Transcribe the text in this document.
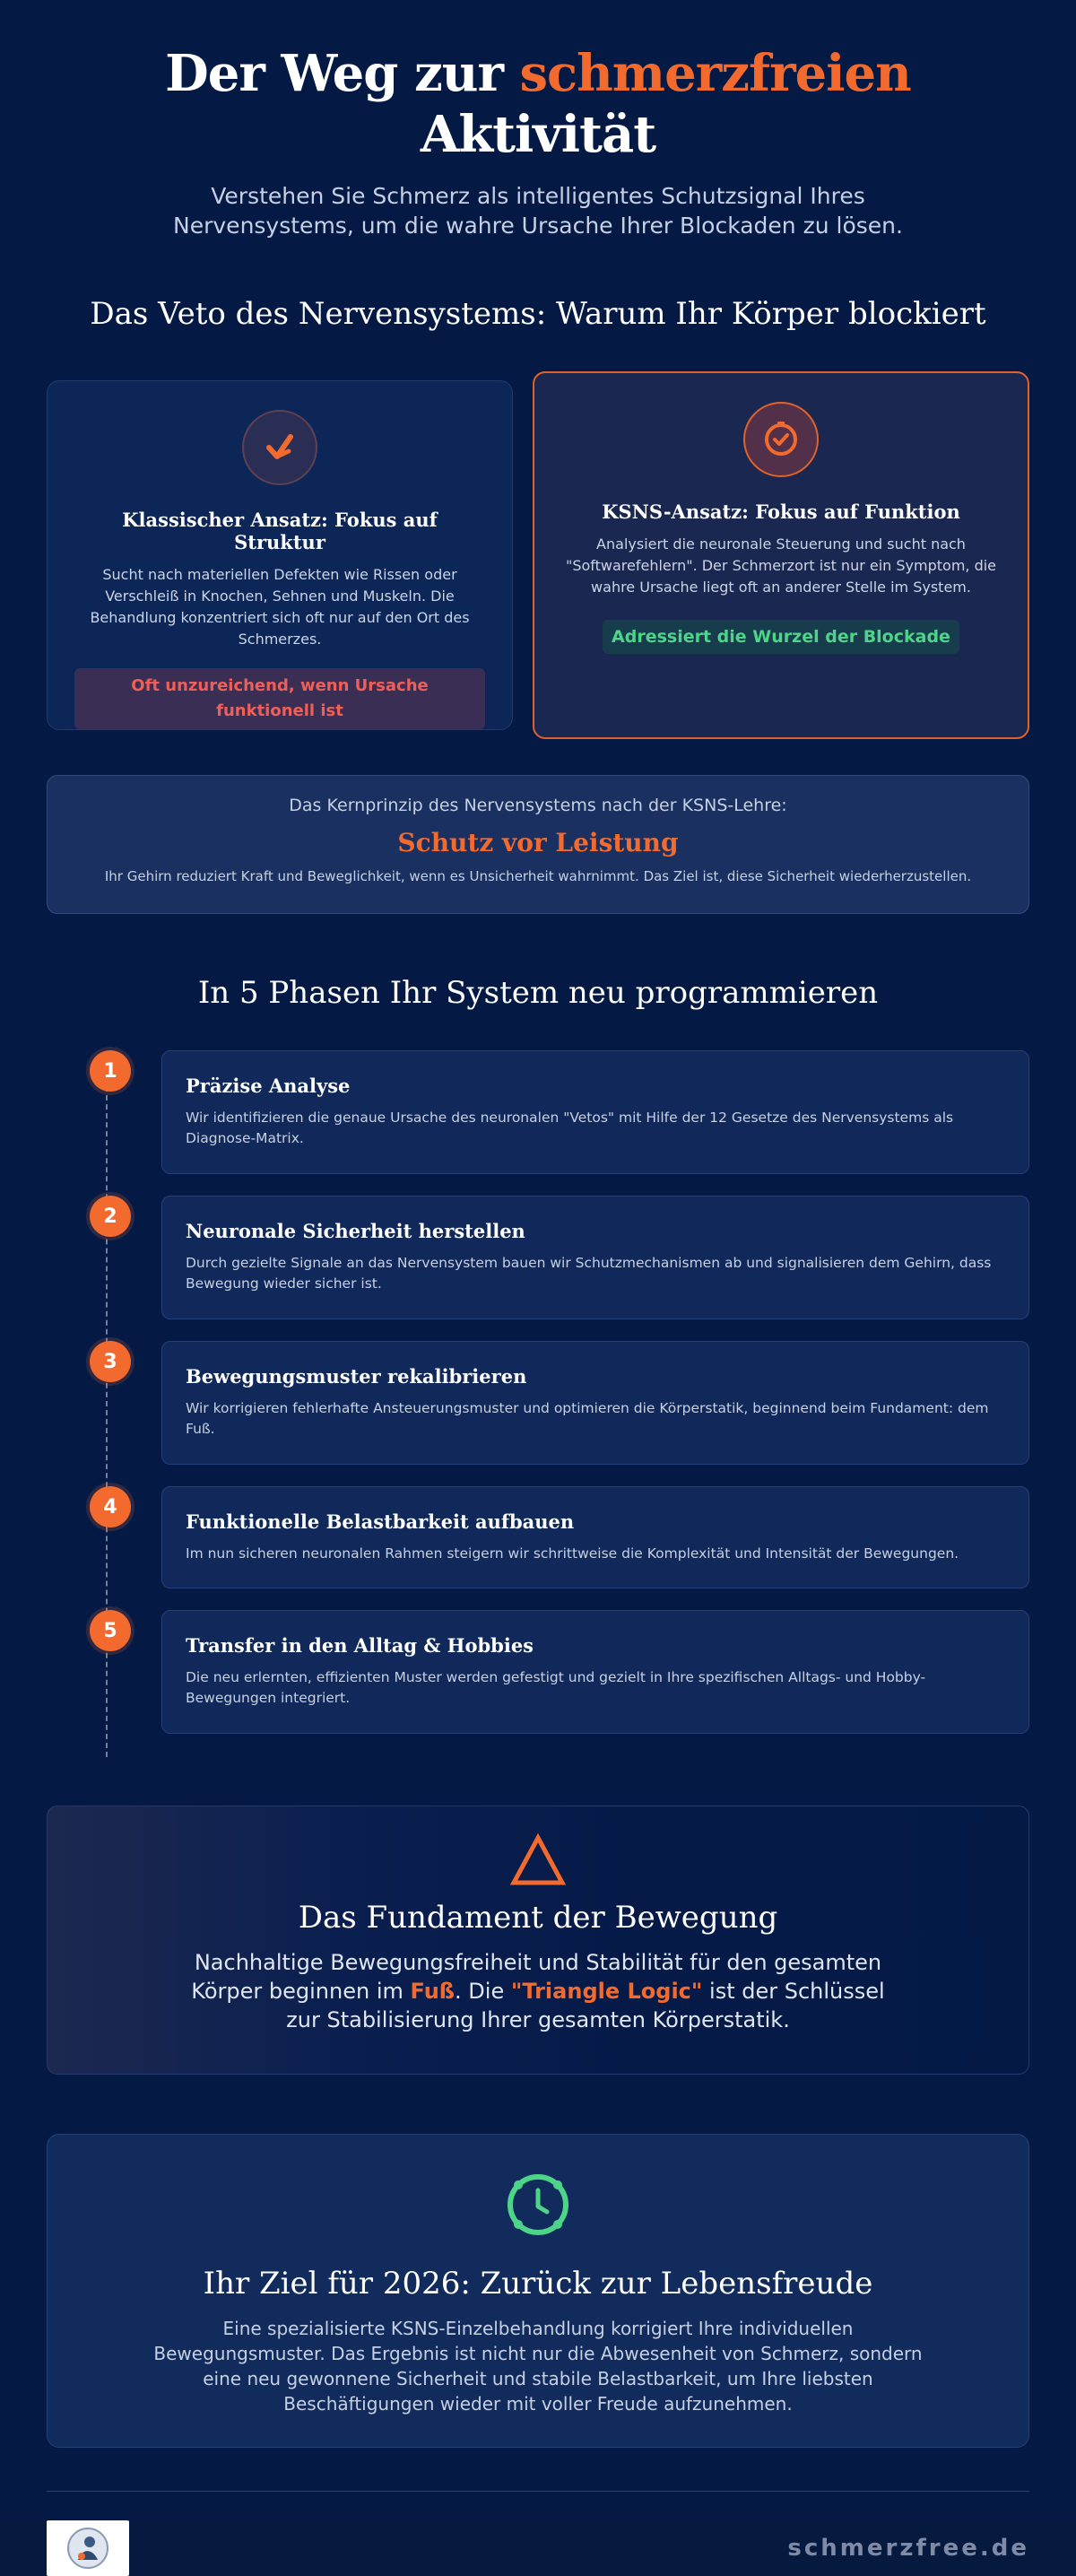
Der Weg zur schmerzfreien Aktivität

Verstehen Sie Schmerz als intelligentes Schutzsignal Ihres Nervensystems, um die wahre Ursache Ihrer Blockaden zu lösen.

Das Veto des Nervensystems: Warum Ihr Körper blockiert
Klassischer Ansatz: Fokus auf Struktur

Sucht nach materiellen Defekten wie Rissen oder Verschleiß in Knochen, Sehnen und Muskeln. Die Behandlung konzentriert sich oft nur auf den Ort des Schmerzes.

Oft unzureichend, wenn Ursache funktionell ist
KSNS-Ansatz: Fokus auf Funktion

Analysiert die neuronale Steuerung und sucht nach "Softwarefehlern". Der Schmerzort ist nur ein Symptom, die wahre Ursache liegt oft an anderer Stelle im System.

Adressiert die Wurzel der Blockade
Das Kernprinzip des Nervensystems nach der KSNS-Lehre:
Schutz vor Leistung
Ihr Gehirn reduziert Kraft und Beweglichkeit, wenn es Unsicherheit wahrnimmt. Das Ziel ist, diese Sicherheit wiederherzustellen.
In 5 Phasen Ihr System neu programmieren
1
Präzise Analyse

Wir identifizieren die genaue Ursache des neuronalen "Vetos" mit Hilfe der 12 Gesetze des Nervensystems als Diagnose-Matrix.

2
Neuronale Sicherheit herstellen

Durch gezielte Signale an das Nervensystem bauen wir Schutzmechanismen ab und signalisieren dem Gehirn, dass Bewegung wieder sicher ist.

3
Bewegungsmuster rekalibrieren

Wir korrigieren fehlerhafte Ansteuerungsmuster und optimieren die Körperstatik, beginnend beim Fundament: dem Fuß.

4
Funktionelle Belastbarkeit aufbauen

Im nun sicheren neuronalen Rahmen steigern wir schrittweise die Komplexität und Intensität der Bewegungen.

5
Transfer in den Alltag & Hobbies

Die neu erlernten, effizienten Muster werden gefestigt und gezielt in Ihre spezifischen Alltags- und Hobby-Bewegungen integriert.

Das Fundament der Bewegung

Nachhaltige Bewegungsfreiheit und Stabilität für den gesamten Körper beginnen im Fuß. Die "Triangle Logic" ist der Schlüssel zur Stabilisierung Ihrer gesamten Körperstatik.

Ihr Ziel für 2026: Zurück zur Lebensfreude

Eine spezialisierte KSNS-Einzelbehandlung korrigiert Ihre individuellen Bewegungsmuster. Das Ergebnis ist nicht nur die Abwesenheit von Schmerz, sondern eine neu gewonnene Sicherheit und stabile Belastbarkeit, um Ihre liebsten Beschäftigungen wieder mit voller Freude aufzunehmen.

schmerzfree.de
